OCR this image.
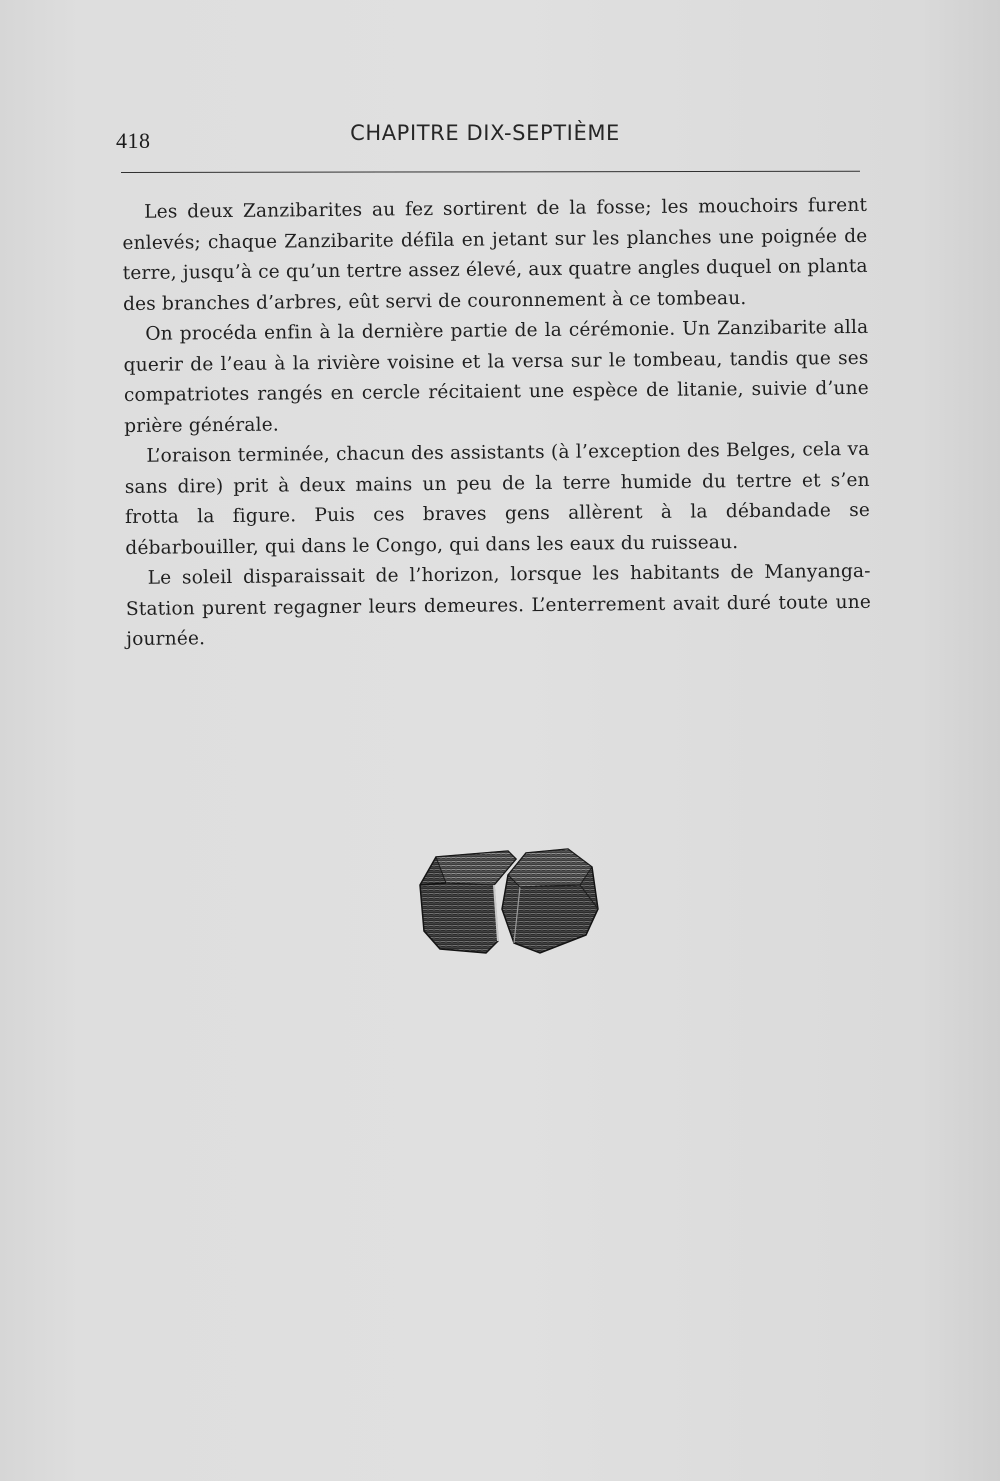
418	CHAPITRE DIX-SEPTIÈME

Les deux Zanzibarites au fez sortirent de la fosse; les mouchoirs furent enlevés; chaque Zanzibarite défila en jetant sur les planches une poignée de terre, jusqu’à ce qu’un tertre assez élevé, aux quatre angles duquel on planta des branches d’arbres, eût servi de couronnement à ce tombeau.

On procéda enfin à la dernière partie de la cérémonie. Un Zanzibarite alla querir de l’eau à la rivière voisine et la versa sur le tombeau, tandis que ses compatriotes rangés en cercle récitaient une espèce de litanie, suivie d’une prière générale.

L’oraison terminée, chacun des assistants (à l’exception des Belges, cela va sans dire) prit à deux mains un peu de la terre humide du tertre et s’en frotta la figure. Puis ces braves gens allèrent à la débandade se débarbouiller, qui dans le Congo, qui dans les eaux du ruisseau.

Le soleil disparaissait de l’horizon, lorsque les habitants de Manyanga-Station purent regagner leurs demeures. L’enterrement avait duré toute une journée.
